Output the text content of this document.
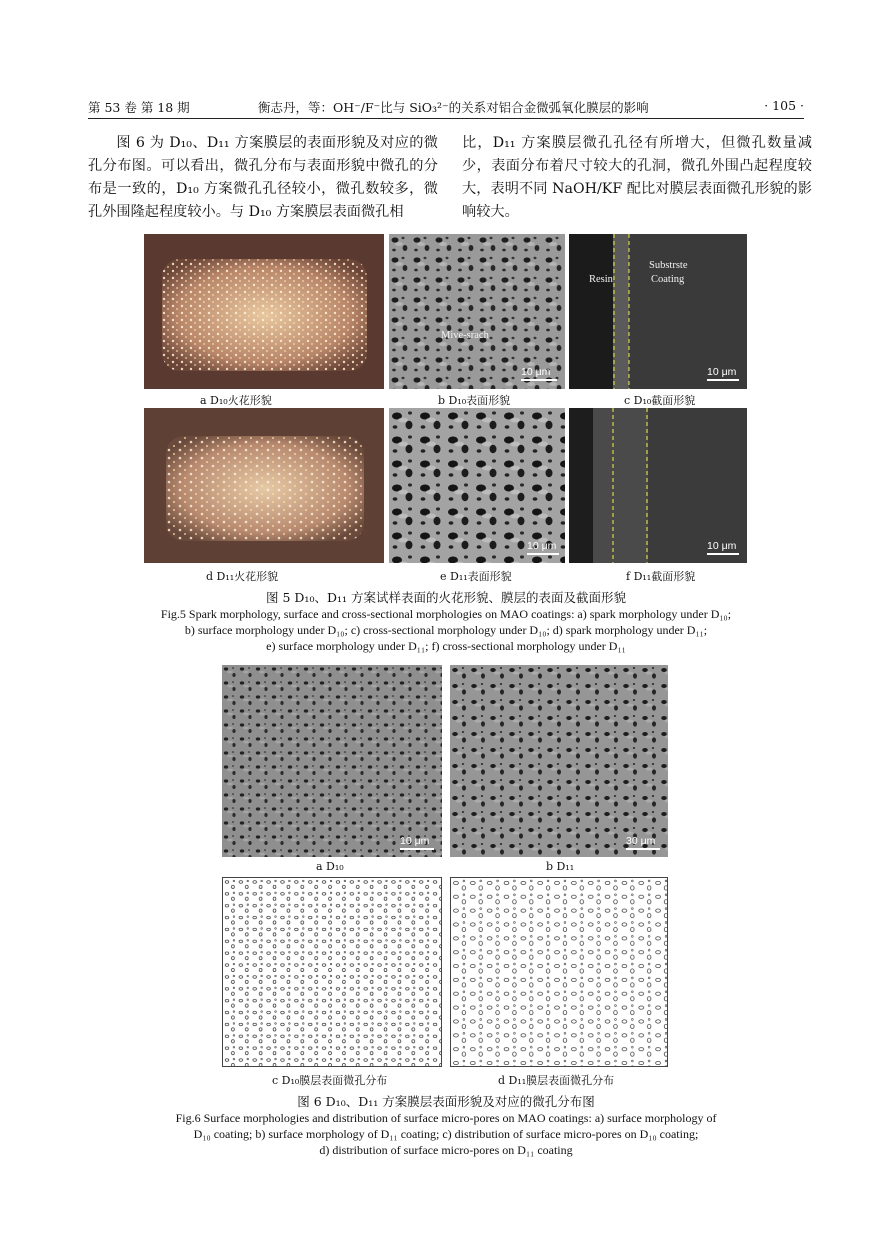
第 53 卷 第 18 期	衡志丹，等：OH⁻/F⁻比与 SiO₃²⁻的关系对铝合金微弧氧化膜层的影响	· 105 ·

图 6 为 D₁₀、D₁₁ 方案膜层的表面形貌及对应的微孔分布图。可以看出，微孔分布与表面形貌中微孔的分布是一致的，D₁₀ 方案微孔孔径较小，微孔数较多，微孔外围隆起程度较小。与 D₁₀ 方案膜层表面微孔相

比，D₁₁ 方案膜层微孔孔径有所增大，但微孔数量减少，表面分布着尺寸较大的孔洞，微孔外围凸起程度较大，表明不同 NaOH/KF 配比对膜层表面微孔形貌的影响较大。

a D₁₀火花形貌
Mive-srach
10 μm
b D₁₀表面形貌
Resin
Substrste
Coating
10 μm
c D₁₀截面形貌
d D₁₁火花形貌
10 μm
e D₁₁表面形貌
10 μm
f D₁₁截面形貌
图 5 D₁₀、D₁₁ 方案试样表面的火花形貌、膜层的表面及截面形貌
Fig.5 Spark morphology, surface and cross-sectional morphologies on MAO coatings: a) spark morphology under D₁₀;
b) surface morphology under D₁₀; c) cross-sectional morphology under D₁₀; d) spark morphology under D₁₁;
e) surface morphology under D₁₁; f) cross-sectional morphology under D₁₁
10 μm
a D₁₀
30 μm
b D₁₁
c D₁₀膜层表面微孔分布	d D₁₁膜层表面微孔分布
图 6 D₁₀、D₁₁ 方案膜层表面形貌及对应的微孔分布图
Fig.6 Surface morphologies and distribution of surface micro-pores on MAO coatings: a) surface morphology of
D₁₀ coating; b) surface morphology of D₁₁ coating; c) distribution of surface micro-pores on D₁₀ coating;
d) distribution of surface micro-pores on D₁₁ coating
